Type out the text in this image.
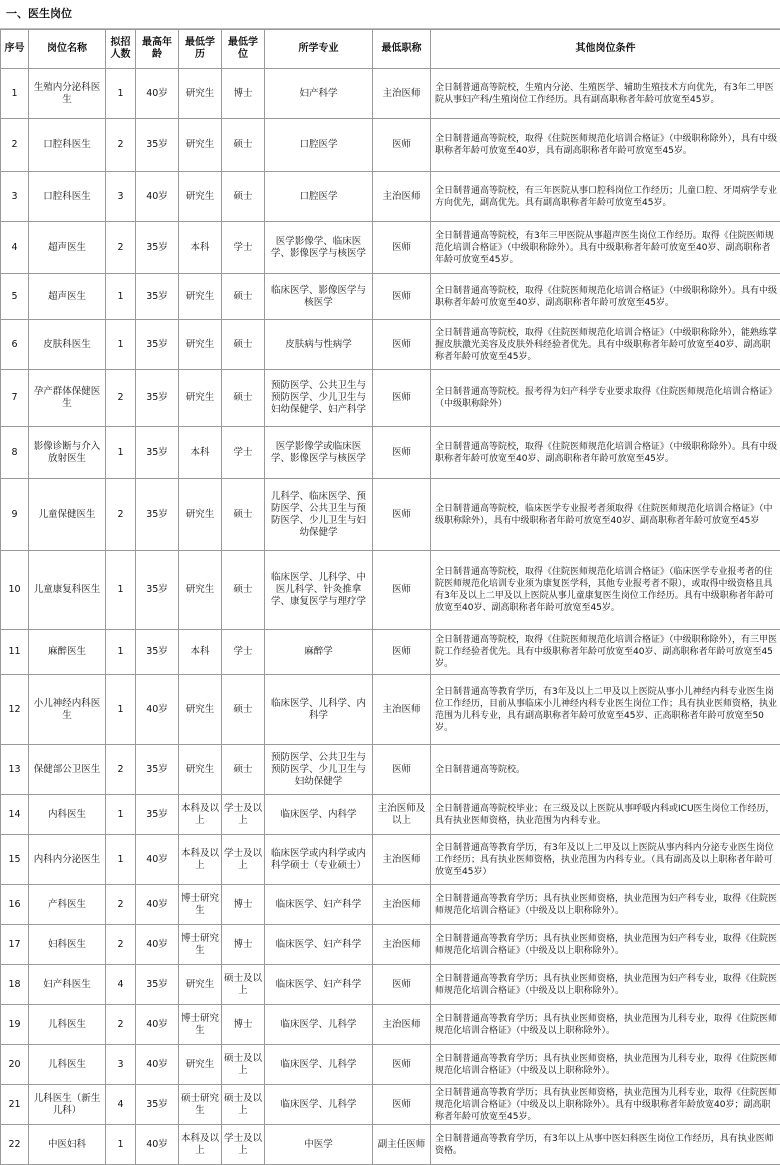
一、医生岗位
序号	岗位名称	拟招人数	最高年龄	最低学历	最低学位	所学专业	最低职称	其他岗位条件
1	生殖内分泌科医生	1	40岁	研究生	博士	妇产科学	主治医师	全日制普通高等院校，生殖内分泌、生殖医学、辅助生殖技术方向优先，有3年二甲医院从事妇产科/生殖岗位工作经历。具有副高职称者年龄可放宽至45岁。
2	口腔科医生	2	35岁	研究生	硕士	口腔医学	医师	全日制普通高等院校，取得《住院医师规范化培训合格证》（中级职称除外），具有中级职称者年龄可放宽至40岁，具有副高职称者年龄可放宽至45岁。
3	口腔科医生	3	40岁	研究生	硕士	口腔医学	主治医师	全日制普通高等院校，有三年医院从事口腔科岗位工作经历；儿童口腔、牙周病学专业方向优先，副高优先。具有副高职称者年龄可放宽至45岁。
4	超声医生	2	35岁	本科	学士	医学影像学、临床医学、影像医学与核医学	医师	全日制普通高等院校，有3年三甲医院从事超声医生岗位工作经历。取得《住院医师规范化培训合格证》（中级职称除外）。具有中级职称者年龄可放宽至40岁、副高职称者年龄可放宽至45岁。
5	超声医生	1	35岁	研究生	硕士	临床医学、影像医学与核医学	医师	全日制普通高等院校，取得《住院医师规范化培训合格证》（中级职称除外）。具有中级职称者年龄可放宽至40岁、副高职称者年龄可放宽至45岁。
6	皮肤科医生	1	35岁	研究生	硕士	皮肤病与性病学	医师	全日制普通高等院校，取得《住院医师规范化培训合格证》（中级职称除外），能熟练掌握皮肤激光美容及皮肤外科经验者优先。具有中级职称者年龄可放宽至40岁、副高职称者年龄可放宽至45岁。
7	孕产群体保健医生	2	35岁	研究生	硕士	预防医学、公共卫生与预防医学、少儿卫生与妇幼保健学、妇产科学	医师	全日制普通高等院校。报考得为妇产科学专业要求取得《住院医师规范化培训合格证》（中级职称除外）
8	影像诊断与介入放射医生	1	35岁	本科	学士	医学影像学或临床医学、影像医学与核医学	医师	全日制普通高等院校，取得《住院医师规范化培训合格证》（中级职称除外）。具有中级职称者年龄可放宽至40岁、副高职称者年龄可放宽至45岁。
9	儿童保健医生	2	35岁	研究生	硕士	儿科学、临床医学、预防医学、公共卫生与预防医学、少儿卫生与妇幼保健学	医师	全日制普通高等院校，临床医学专业报考者须取得《住院医师规范化培训合格证》（中级职称除外），具有中级职称者年龄可放宽至40岁、副高职称者年龄可放宽至45岁
10	儿童康复科医生	1	35岁	研究生	硕士	临床医学、儿科学、中医儿科学、针灸推拿学、康复医学与理疗学	医师	全日制普通高等院校，取得《住院医师规范化培训合格证》（临床医学专业报考者的住院医师规范化培训专业须为康复医学科，其他专业报考者不限），或取得中级资格且具有3年及以上二甲及以上医院从事儿童康复医生岗位工作经历。具有中级职称者年龄可放宽至40岁、副高职称者年龄可放宽至45岁。
11	麻醉医生	1	35岁	本科	学士	麻醉学	医师	全日制普通高等院校，取得《住院医师规范化培训合格证》（中级职称除外），有三甲医院工作经验者优先。具有中级职称者年龄可放宽至40岁、副高职称者年龄可放宽至45岁。
12	小儿神经内科医生	1	40岁	研究生	硕士	临床医学、儿科学、内科学	主治医师	全日制普通高等教育学历，有3年及以上二甲及以上医院从事小儿神经内科专业医生岗位工作经历，目前从事临床小儿神经内科专业医生岗位工作；具有执业医师资格，执业范围为儿科专业，具有副高职称者年龄可放宽至45岁、正高职称者年龄可放宽至50岁。
13	保健部公卫医生	2	35岁	研究生	硕士	预防医学、公共卫生与预防医学、少儿卫生与妇幼保健学	医师	全日制普通高等院校。
14	内科医生	1	35岁	本科及以上	学士及以上	临床医学、内科学	主治医师及以上	全日制普通高等院校毕业；在三级及以上医院从事呼吸内科或ICU医生岗位工作经历，具有执业医师资格，执业范围为内科专业。
15	内科内分泌医生	1	40岁	本科及以上	学士及以上	临床医学或内科学或内科学硕士（专业硕士）	主治医师	全日制普通高等教育学历，有3年及以上二甲及以上医院从事内科内分泌专业医生岗位工作经历；具有执业医师资格，执业范围为内科专业。（具有副高及以上职称者年龄可放宽至45岁）
16	产科医生	2	40岁	博士研究生	博士	临床医学、妇产科学	主治医师	全日制普通高等教育学历；具有执业医师资格，执业范围为妇产科专业，取得《住院医师规范化培训合格证》（中级及以上职称除外）。
17	妇科医生	2	40岁	博士研究生	博士	临床医学、妇产科学	主治医师	全日制普通高等教育学历；具有执业医师资格，执业范围为妇产科专业，取得《住院医师规范化培训合格证》（中级及以上职称除外）。
18	妇产科医生	4	35岁	研究生	硕士及以上	临床医学、妇产科学	医师	全日制普通高等教育学历；具有执业医师资格，执业范围为妇产科专业，取得《住院医师规范化培训合格证》（中级及以上职称除外）。
19	儿科医生	2	40岁	博士研究生	博士	临床医学、儿科学	主治医师	全日制普通高等教育学历；具有执业医师资格，执业范围为儿科专业，取得《住院医师规范化培训合格证》（中级及以上职称除外）。
20	儿科医生	3	40岁	研究生	硕士及以上	临床医学、儿科学	医师	全日制普通高等教育学历；具有执业医师资格，执业范围为儿科专业，取得《住院医师规范化培训合格证》（中级及以上职称除外）。
21	儿科医生（新生儿科）	4	35岁	硕士研究生	硕士及以上	临床医学、儿科学	医师	全日制普通高等教育学历；具有执业医师资格，执业范围为儿科专业，取得《住院医师规范化培训合格证》（中级及以上职称除外）。具有中级职称者年龄放宽40岁；副高职称者年龄可放宽至45岁。
22	中医妇科	1	40岁	本科及以上	学士及以上	中医学	副主任医师	全日制普通高等教育学历，有3年以上从事中医妇科医生岗位工作经历，具有执业医师资格。
